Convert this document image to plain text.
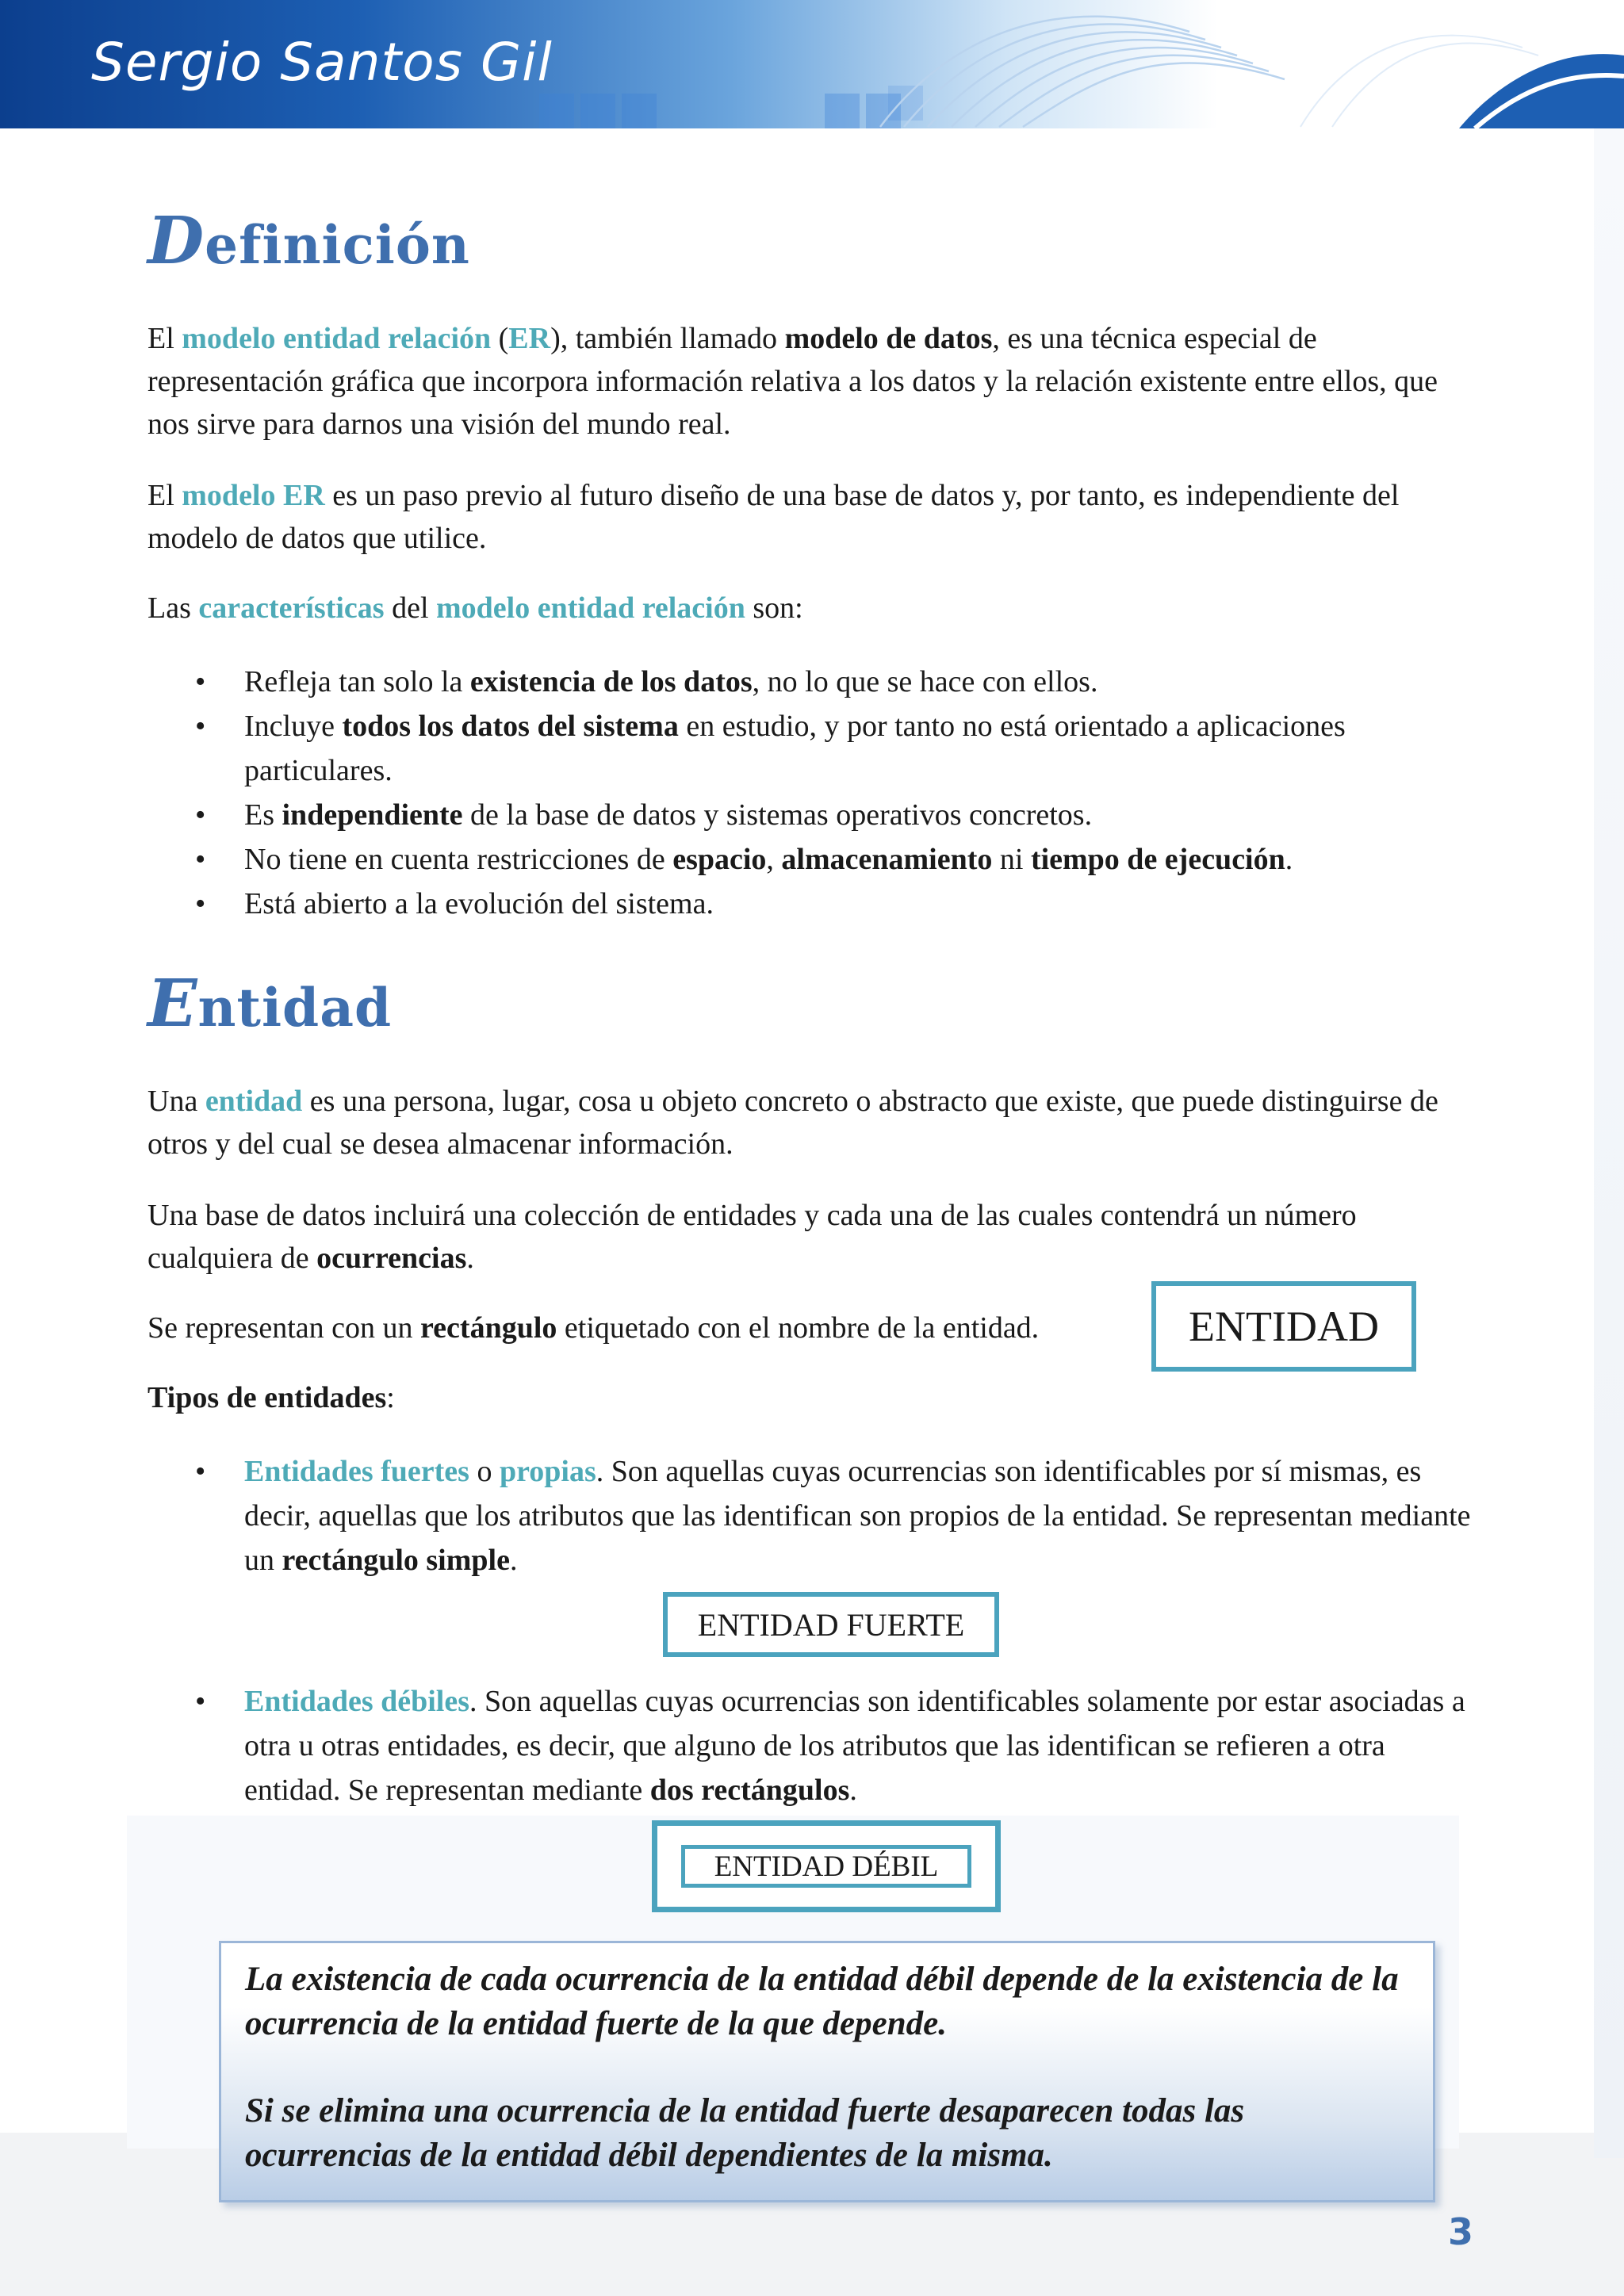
Sergio Santos Gil
Definición

El modelo entidad relación (ER), también llamado modelo de datos, es una técnica especial de representación gráfica que incorpora información relativa a los datos y la relación existente entre ellos, que nos sirve para darnos una visión del mundo real.

El modelo ER es un paso previo al futuro diseño de una base de datos y, por tanto, es independiente del modelo de datos que utilice.

Las características del modelo entidad relación son:

• Refleja tan solo la existencia de los datos, no lo que se hace con ellos.
• Incluye todos los datos del sistema en estudio, y por tanto no está orientado a aplicaciones particulares.
• Es independiente de la base de datos y sistemas operativos concretos.
• No tiene en cuenta restricciones de espacio, almacenamiento ni tiempo de ejecución.
• Está abierto a la evolución del sistema.
Entidad

Una entidad es una persona, lugar, cosa u objeto concreto o abstracto que existe, que puede distinguirse de otros y del cual se desea almacenar información.

Una base de datos incluirá una colección de entidades y cada una de las cuales contendrá un número cualquiera de ocurrencias.

Se representan con un rectángulo etiquetado con el nombre de la entidad.	ENTIDAD

Tipos de entidades:

• Entidades fuertes o propias. Son aquellas cuyas ocurrencias son identificables por sí mismas, es decir, aquellas que los atributos que las identifican son propios de la entidad. Se representan mediante un rectángulo simple.
ENTIDAD FUERTE
• Entidades débiles. Son aquellas cuyas ocurrencias son identificables solamente por estar asociadas a otra u otras entidades, es decir, que alguno de los atributos que las identifican se refieren a otra entidad. Se representan mediante dos rectángulos.
ENTIDAD DÉBIL

La existencia de cada ocurrencia de la entidad débil depende de la existencia de la ocurrencia de la entidad fuerte de la que depende.

Si se elimina una ocurrencia de la entidad fuerte desaparecen todas las ocurrencias de la entidad débil dependientes de la misma.

3
